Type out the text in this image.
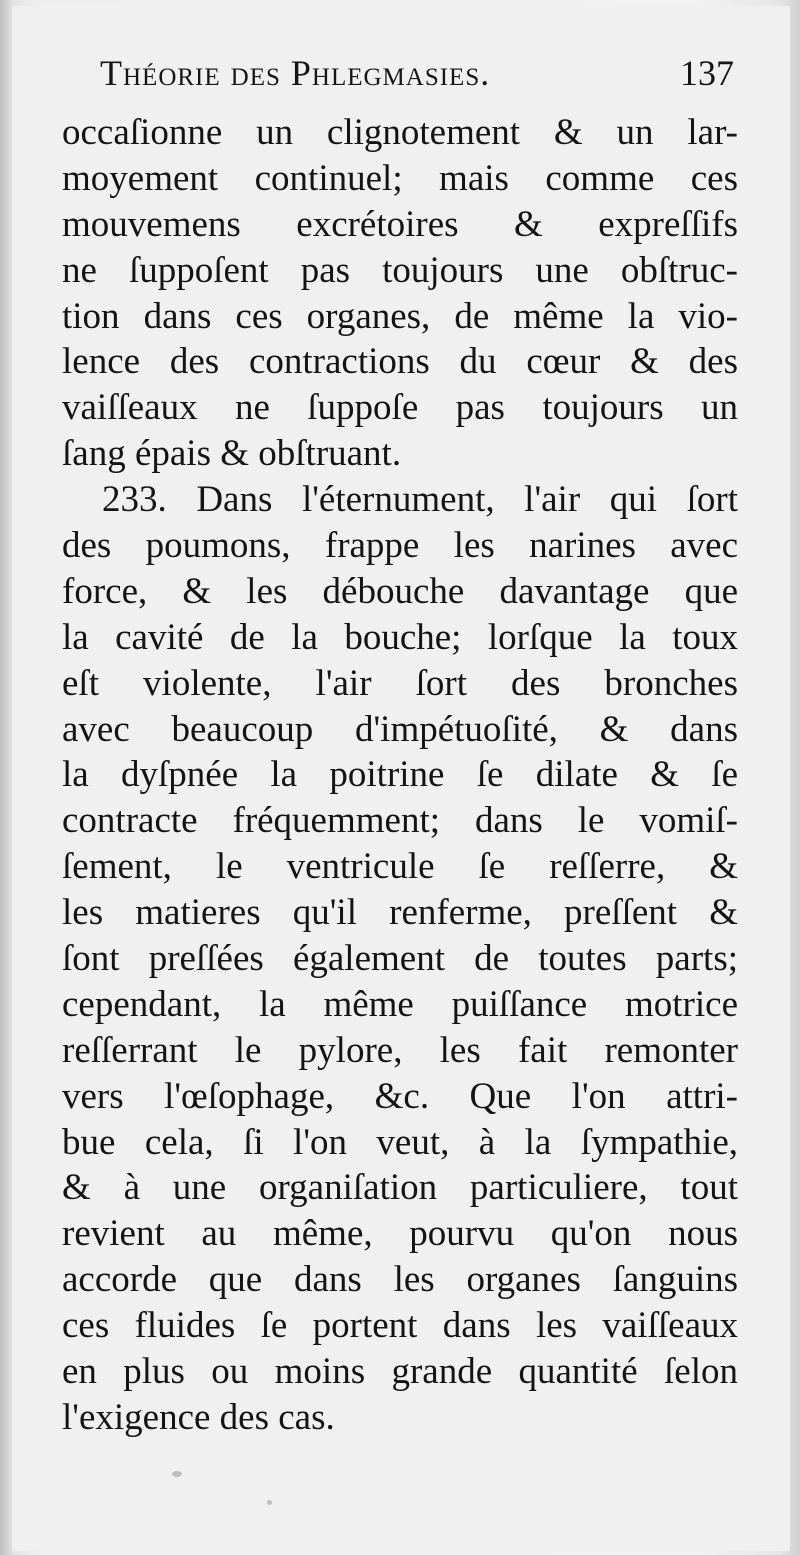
Théorie des Phlegmasies.	137
occaſionne un clignotement & un lar-
moyement continuel; mais comme ces
mouvemens excrétoires & expreſſifs
ne ſuppoſent pas toujours une obſtruc-
tion dans ces organes, de même la vio-
lence des contractions du cœur & des
vaiſſeaux ne ſuppoſe pas toujours un
ſang épais & obſtruant.
233. Dans l'éternument, l'air qui ſort
des poumons, frappe les narines avec
force, & les débouche davantage que
la cavité de la bouche; lorſque la toux
eſt violente, l'air ſort des bronches
avec beaucoup d'impétuoſité, & dans
la dyſpnée la poitrine ſe dilate & ſe
contracte fréquemment; dans le vomiſ-
ſement, le ventricule ſe reſſerre, &
les matieres qu'il renferme, preſſent &
ſont preſſées également de toutes parts;
cependant, la même puiſſance motrice
reſſerrant le pylore, les fait remonter
vers l'œſophage, &c. Que l'on attri-
bue cela, ſi l'on veut, à la ſympathie,
& à une organiſation particuliere, tout
revient au même, pourvu qu'on nous
accorde que dans les organes ſanguins
ces fluides ſe portent dans les vaiſſeaux
en plus ou moins grande quantité ſelon
l'exigence des cas.
